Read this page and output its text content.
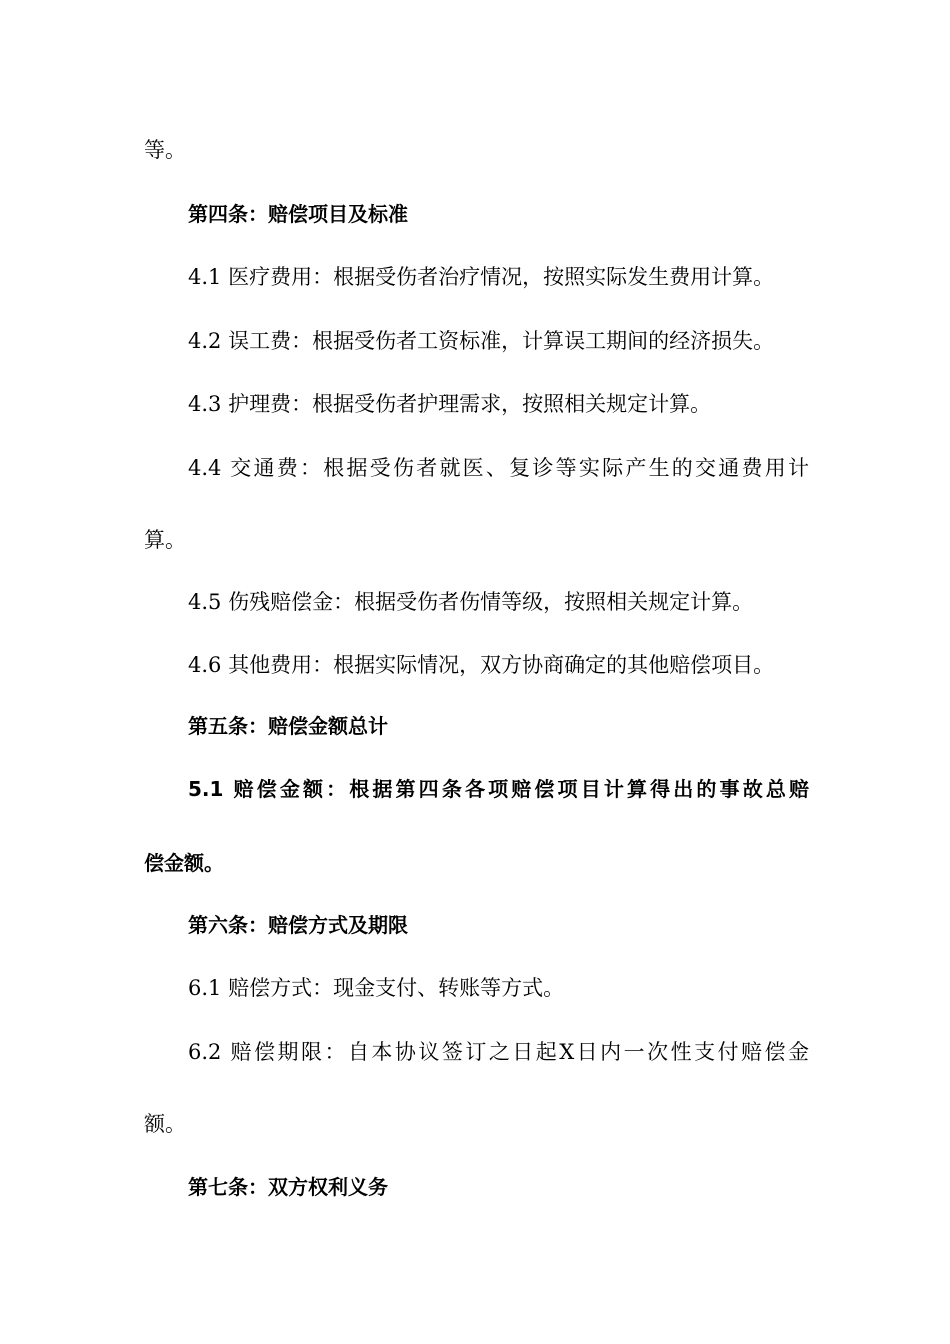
等。
第四条：赔偿项目及标准
4.1 医疗费用：根据受伤者治疗情况，按照实际发生费用计算。
4.2 误工费：根据受伤者工资标准，计算误工期间的经济损失。
4.3 护理费：根据受伤者护理需求，按照相关规定计算。
4.4 交通费：根据受伤者就医、复诊等实际产生的交通费用计
算。
4.5 伤残赔偿金：根据受伤者伤情等级，按照相关规定计算。
4.6 其他费用：根据实际情况，双方协商确定的其他赔偿项目。
第五条：赔偿金额总计
5.1 赔偿金额：根据第四条各项赔偿项目计算得出的事故总赔
偿金额。
第六条：赔偿方式及期限
6.1 赔偿方式：现金支付、转账等方式。
6.2 赔偿期限：自本协议签订之日起X日内一次性支付赔偿金
额。
第七条：双方权利义务
